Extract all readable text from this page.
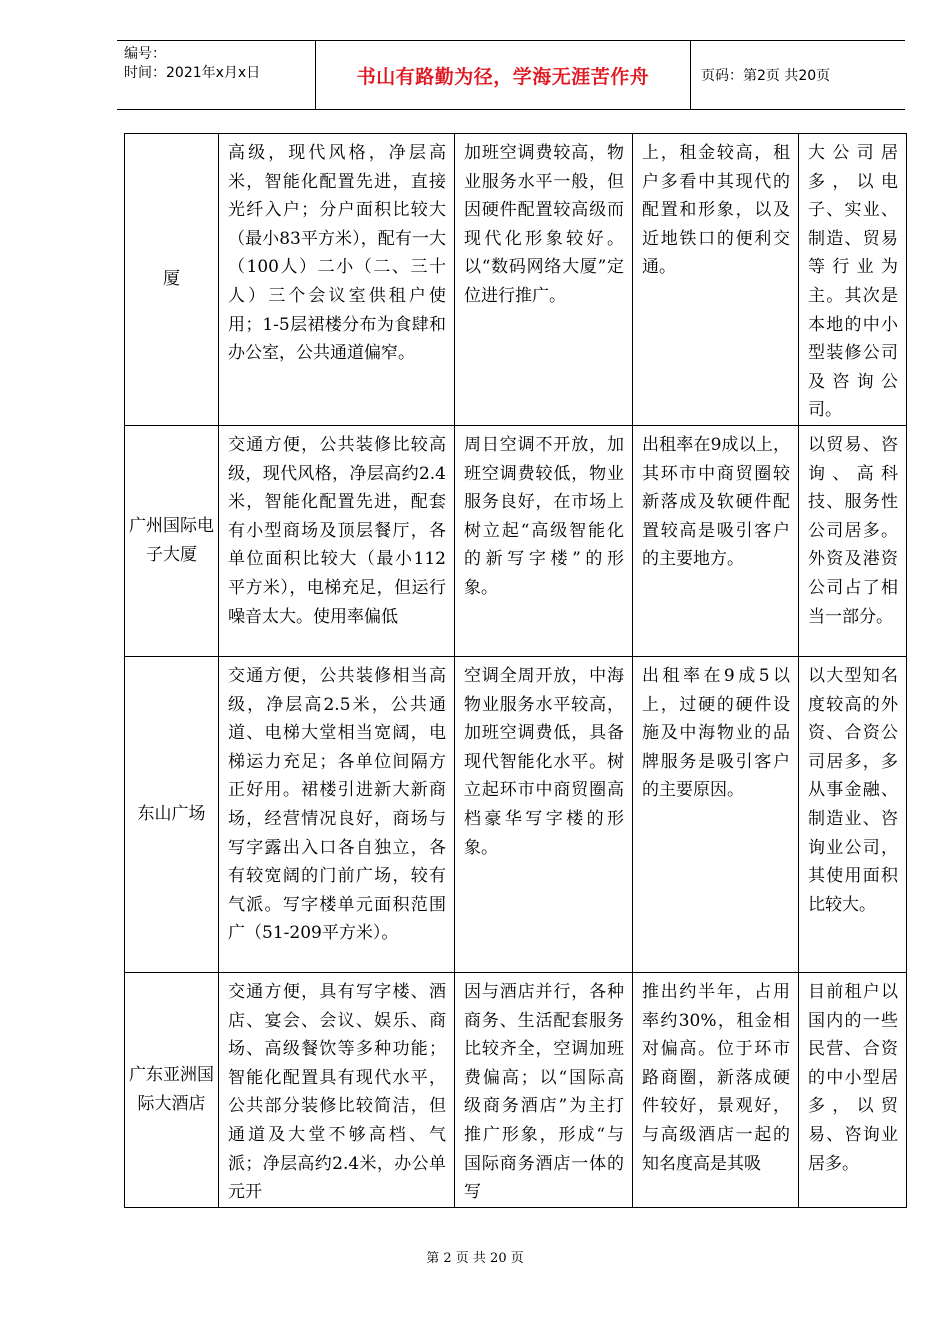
编号：
时间：2021年x月x日	书山有路勤为径，学海无涯苦作舟	页码：第2页 共20页
厦	高级，现代风格，净层高米，智能化配置先进，直接光纤入户；分户面积比较大（最小83平方米），配有一大（100人）二小（二、三十人）三个会议室供租户使用；1-5层裙楼分布为食肆和办公室，公共通道偏窄。	加班空调费较高，物业服务水平一般，但因硬件配置较高级而现代化形象较好。以“数码网络大厦”定位进行推广。	上，租金较高，租户多看中其现代的配置和形象，以及近地铁口的便利交通。	大公司居多，以电子、实业、制造、贸易等行业为主。其次是本地的中小型装修公司及咨询公司。
广州国际电子大厦	交通方便，公共装修比较高级，现代风格，净层高约2.4米，智能化配置先进，配套有小型商场及顶层餐厅，各单位面积比较大（最小112平方米），电梯充足，但运行噪音太大。使用率偏低	周日空调不开放，加班空调费较低，物业服务良好，在市场上树立起“高级智能化的新写字楼”的形象。	出租率在9成以上，其环市中商贸圈较新落成及软硬件配置较高是吸引客户的主要地方。	以贸易、咨询、高科技、服务性公司居多。外资及港资公司占了相当一部分。
东山广场	交通方便，公共装修相当高级，净层高2.5米，公共通道、电梯大堂相当宽阔，电梯运力充足；各单位间隔方正好用。裙楼引进新大新商场，经营情况良好，商场与写字露出入口各自独立，各有较宽阔的门前广场，较有气派。写字楼单元面积范围广（51-209平方米）。	空调全周开放，中海物业服务水平较高，加班空调费低，具备现代智能化水平。树立起环市中商贸圈高档豪华写字楼的形象。	出租率在9成5以上，过硬的硬件设施及中海物业的品牌服务是吸引客户的主要原因。	以大型知名度较高的外资、合资公司居多，多从事金融、制造业、咨询业公司，其使用面积比较大。
广东亚洲国际大酒店	交通方便，具有写字楼、酒店、宴会、会议、娱乐、商场、高级餐饮等多种功能；智能化配置具有现代水平，公共部分装修比较简洁，但通道及大堂不够高档、气派；净层高约2.4米，办公单元开	因与酒店并行，各种商务、生活配套服务比较齐全，空调加班费偏高；以“国际高级商务酒店”为主打推广形象，形成“与国际商务酒店一体的写	推出约半年，占用率约30%，租金相对偏高。位于环市路商圈，新落成硬件较好，景观好，与高级酒店一起的知名度高是其吸	目前租户以国内的一些民营、合资的中小型居多，以贸易、咨询业居多。
第 2 页 共 20 页
